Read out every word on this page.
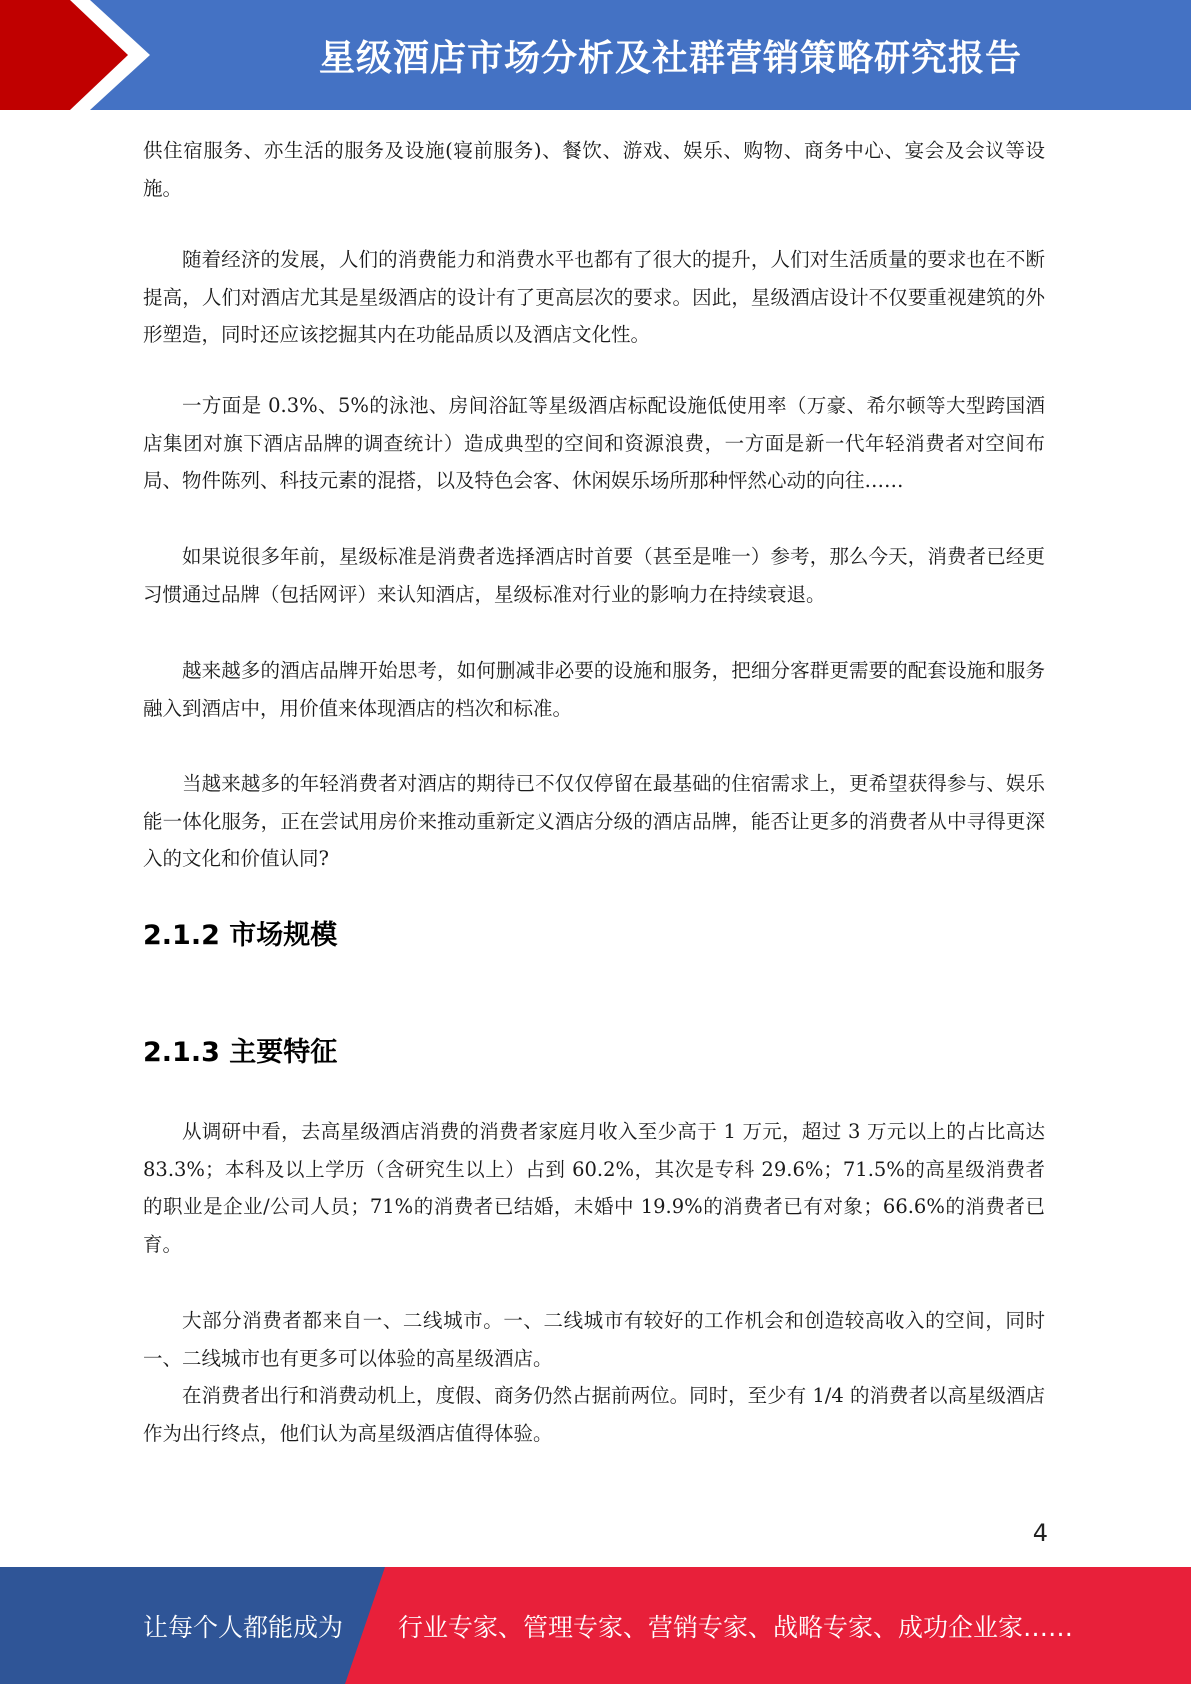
星级酒店市场分析及社群营销策略研究报告

供住宿服务、亦生活的服务及设施(寝前服务)、餐饮、游戏、娱乐、购物、商务中心、宴会及会议等设施。

随着经济的发展，人们的消费能力和消费水平也都有了很大的提升，人们对生活质量的要求也在不断提高，人们对酒店尤其是星级酒店的设计有了更高层次的要求。因此，星级酒店设计不仅要重视建筑的外形塑造，同时还应该挖掘其内在功能品质以及酒店文化性。

一方面是 0.3%、5%的泳池、房间浴缸等星级酒店标配设施低使用率（万豪、希尔顿等大型跨国酒店集团对旗下酒店品牌的调查统计）造成典型的空间和资源浪费，一方面是新一代年轻消费者对空间布局、物件陈列、科技元素的混搭，以及特色会客、休闲娱乐场所那种怦然心动的向往……

如果说很多年前，星级标准是消费者选择酒店时首要（甚至是唯一）参考，那么今天，消费者已经更习惯通过品牌（包括网评）来认知酒店，星级标准对行业的影响力在持续衰退。

越来越多的酒店品牌开始思考，如何删减非必要的设施和服务，把细分客群更需要的配套设施和服务融入到酒店中，用价值来体现酒店的档次和标准。

当越来越多的年轻消费者对酒店的期待已不仅仅停留在最基础的住宿需求上，更希望获得参与、娱乐能一体化服务，正在尝试用房价来推动重新定义酒店分级的酒店品牌，能否让更多的消费者从中寻得更深入的文化和价值认同?

2.1.2 市场规模
2.1.3 主要特征

从调研中看，去高星级酒店消费的消费者家庭月收入至少高于 1 万元，超过 3 万元以上的占比高达 83.3%；本科及以上学历（含研究生以上）占到 60.2%，其次是专科 29.6%；71.5%的高星级消费者的职业是企业/公司人员；71%的消费者已结婚，未婚中 19.9%的消费者已有对象；66.6%的消费者已育。

大部分消费者都来自一、二线城市。一、二线城市有较好的工作机会和创造较高收入的空间，同时一、二线城市也有更多可以体验的高星级酒店。

在消费者出行和消费动机上，度假、商务仍然占据前两位。同时，至少有 1/4 的消费者以高星级酒店作为出行终点，他们认为高星级酒店值得体验。

4
让每个人都能成为 行业专家、管理专家、营销专家、战略专家、成功企业家……
